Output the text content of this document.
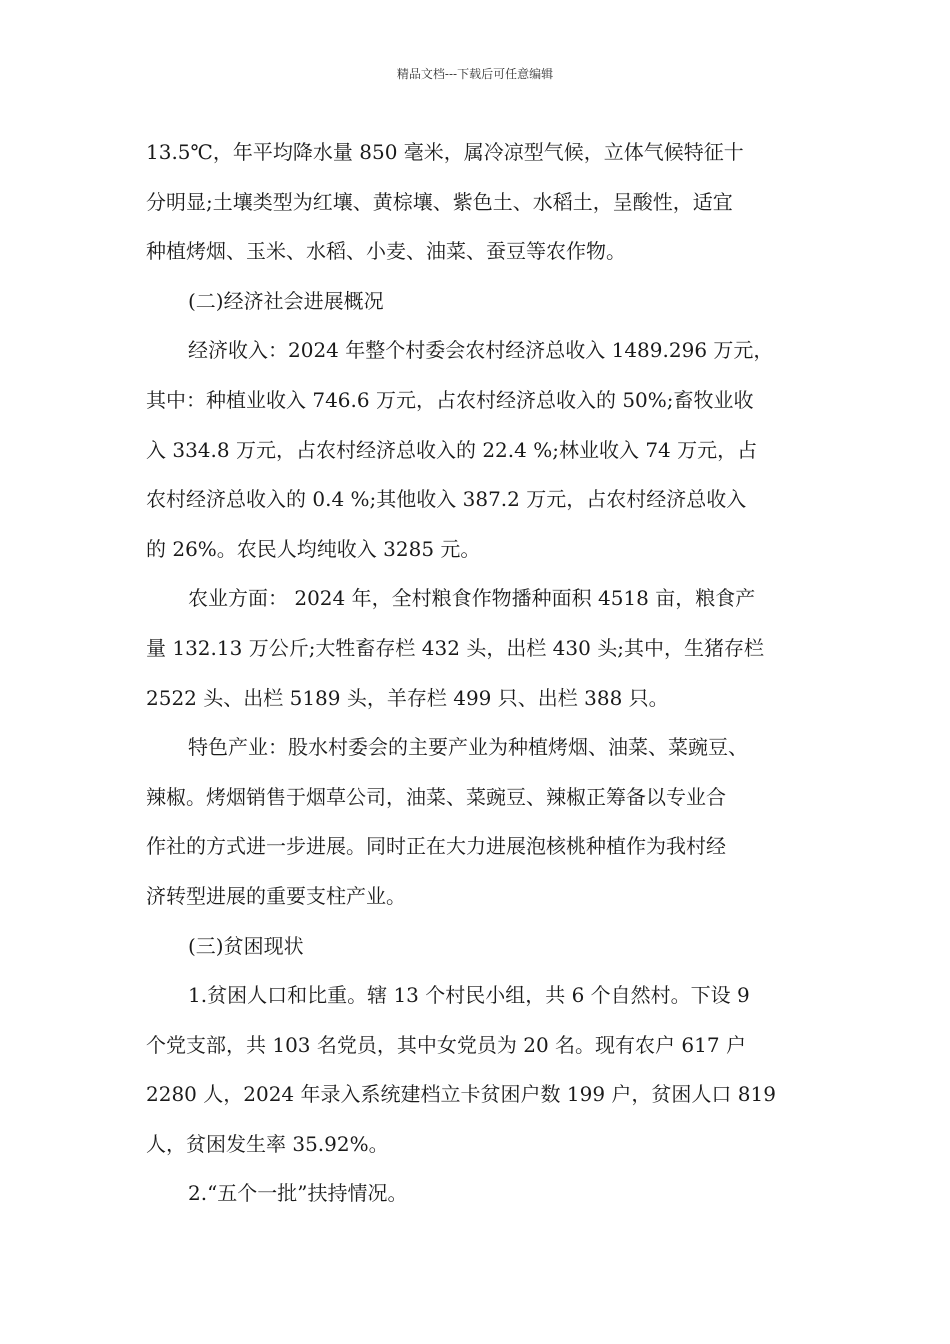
精品文档---下载后可任意编辑
13.5℃，年平均降水量 850 毫米，属冷凉型气候，立体气候特征十
分明显;土壤类型为红壤、黄棕壤、紫色土、水稻土，呈酸性，适宜
种植烤烟、玉米、水稻、小麦、油菜、蚕豆等农作物。
(二)经济社会进展概况
经济收入：2024 年整个村委会农村经济总收入 1489.296 万元，
其中：种植业收入 746.6 万元，占农村经济总收入的 50%;畜牧业收
入 334.8 万元，占农村经济总收入的 22.4 %;林业收入 74 万元，占
农村经济总收入的 0.4 %;其他收入 387.2 万元，占农村经济总收入
的 26%。农民人均纯收入 3285 元。
农业方面： 2024 年，全村粮食作物播种面积 4518 亩，粮食产
量 132.13 万公斤;大牲畜存栏 432 头，出栏 430 头;其中，生猪存栏
2522 头、出栏 5189 头，羊存栏 499 只、出栏 388 只。
特色产业：股水村委会的主要产业为种植烤烟、油菜、菜豌豆、
辣椒。烤烟销售于烟草公司，油菜、菜豌豆、辣椒正筹备以专业合
作社的方式进一步进展。同时正在大力进展泡核桃种植作为我村经
济转型进展的重要支柱产业。
(三)贫困现状
1.贫困人口和比重。辖 13 个村民小组，共 6 个自然村。下设 9
个党支部，共 103 名党员，其中女党员为 20 名。现有农户 617 户
2280 人，2024 年录入系统建档立卡贫困户数 199 户，贫困人口 819
人，贫困发生率 35.92%。
2.“五个一批”扶持情况。
